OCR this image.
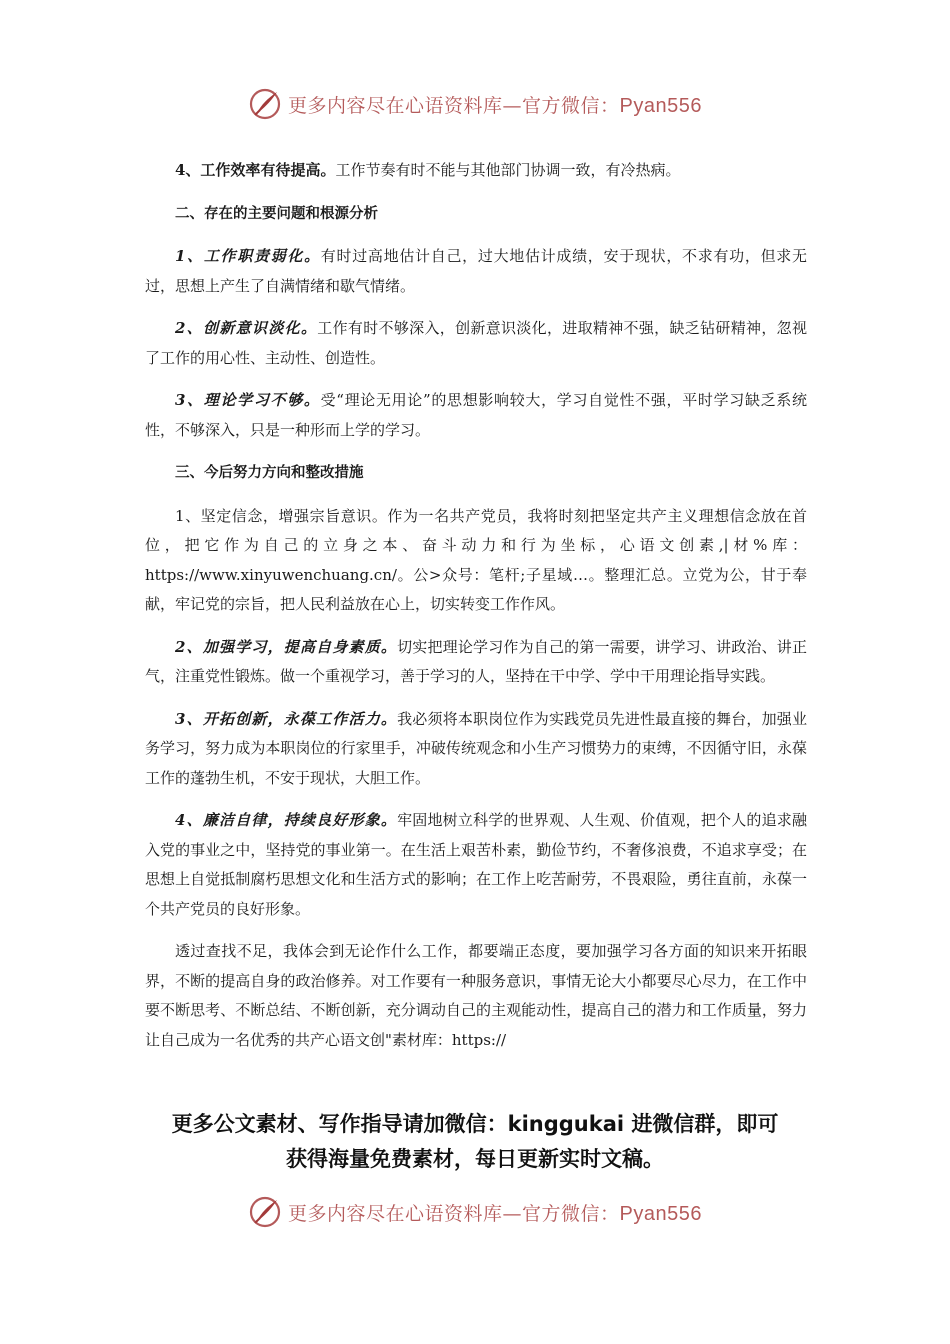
更多内容尽在心语资料库—官方微信：Pyan556

4、工作效率有待提高。工作节奏有时不能与其他部门协调一致，有冷热病。

二、存在的主要问题和根源分析

1、工作职责弱化。有时过高地估计自己，过大地估计成绩，安于现状，不求有功，但求无过，思想上产生了自满情绪和歇气情绪。

2、创新意识淡化。工作有时不够深入，创新意识淡化，进取精神不强，缺乏钻研精神，忽视了工作的用心性、主动性、创造性。

3、理论学习不够。受“理论无用论”的思想影响较大，学习自觉性不强，平时学习缺乏系统性，不够深入，只是一种形而上学的学习。

三、今后努力方向和整改措施

1、坚定信念，增强宗旨意识。作为一名共产党员，我将时刻把坚定共产主义理想信念放在首位，把它作为自己的立身之本、奋斗动力和行为坐标，心语文创素,|材%库：https://www.xinyuwenchuang.cn/。公>众号：笔杆;子星域…。整理汇总。立党为公，甘于奉献，牢记党的宗旨，把人民利益放在心上，切实转变工作作风。

2、加强学习，提高自身素质。切实把理论学习作为自己的第一需要，讲学习、讲政治、讲正气，注重党性锻炼。做一个重视学习，善于学习的人，坚持在干中学、学中干用理论指导实践。

3、开拓创新，永葆工作活力。我必须将本职岗位作为实践党员先进性最直接的舞台，加强业务学习，努力成为本职岗位的行家里手，冲破传统观念和小生产习惯势力的束缚，不因循守旧，永葆工作的蓬勃生机，不安于现状，大胆工作。

4、廉洁自律，持续良好形象。牢固地树立科学的世界观、人生观、价值观，把个人的追求融入党的事业之中，坚持党的事业第一。在生活上艰苦朴素，勤俭节约，不奢侈浪费，不追求享受；在思想上自觉抵制腐朽思想文化和生活方式的影响；在工作上吃苦耐劳，不畏艰险，勇往直前，永葆一个共产党员的良好形象。

透过查找不足，我体会到无论作什么工作，都要端正态度，要加强学习各方面的知识来开拓眼界，不断的提高自身的政治修养。对工作要有一种服务意识，事情无论大小都要尽心尽力，在工作中要不断思考、不断总结、不断创新，充分调动自己的主观能动性，提高自己的潜力和工作质量，努力让自己成为一名优秀的共产心语文创"素材库：https://

更多公文素材、写作指导请加微信：kinggukai 进微信群，即可
获得海量免费素材，每日更新实时文稿。
更多内容尽在心语资料库—官方微信：Pyan556
